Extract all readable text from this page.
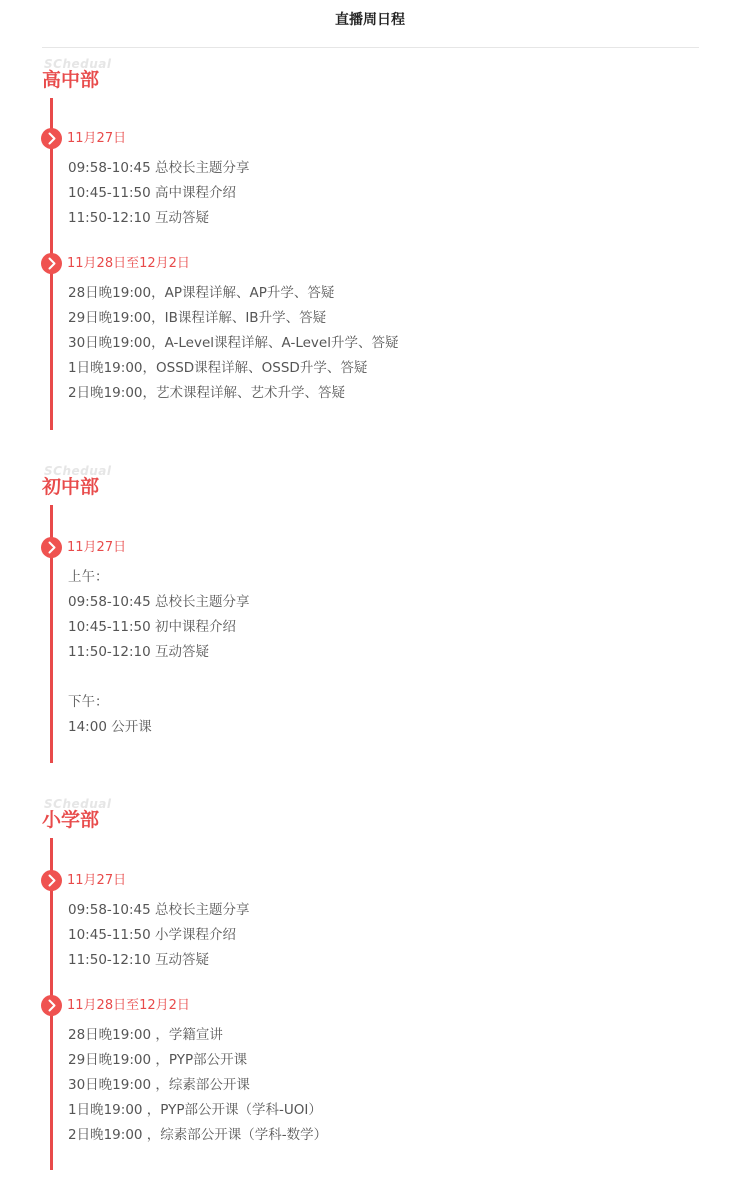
直播周日程
SChedual
高中部
11月27日
09:58-10:45 总校长主题分享
10:45-11:50 高中课程介绍
11:50-12:10 互动答疑
11月28日至12月2日
28日晚19:00，AP课程详解、AP升学、答疑
29日晚19:00，IB课程详解、IB升学、答疑
30日晚19:00，A-Level课程详解、A-Level升学、答疑
1日晚19:00，OSSD课程详解、OSSD升学、答疑
2日晚19:00，艺术课程详解、艺术升学、答疑
SChedual
初中部
11月27日
上午：
09:58-10:45 总校长主题分享
10:45-11:50 初中课程介绍
11:50-12:10 互动答疑
下午：
14:00 公开课
SChedual
小学部
11月27日
09:58-10:45 总校长主题分享
10:45-11:50 小学课程介绍
11:50-12:10 互动答疑
11月28日至12月2日
28日晚19:00 ，学籍宣讲
29日晚19:00 ，PYP部公开课
30日晚19:00 ，综素部公开课
1日晚19:00 ，PYP部公开课（学科-UOI）
2日晚19:00 ，综素部公开课（学科-数学）
